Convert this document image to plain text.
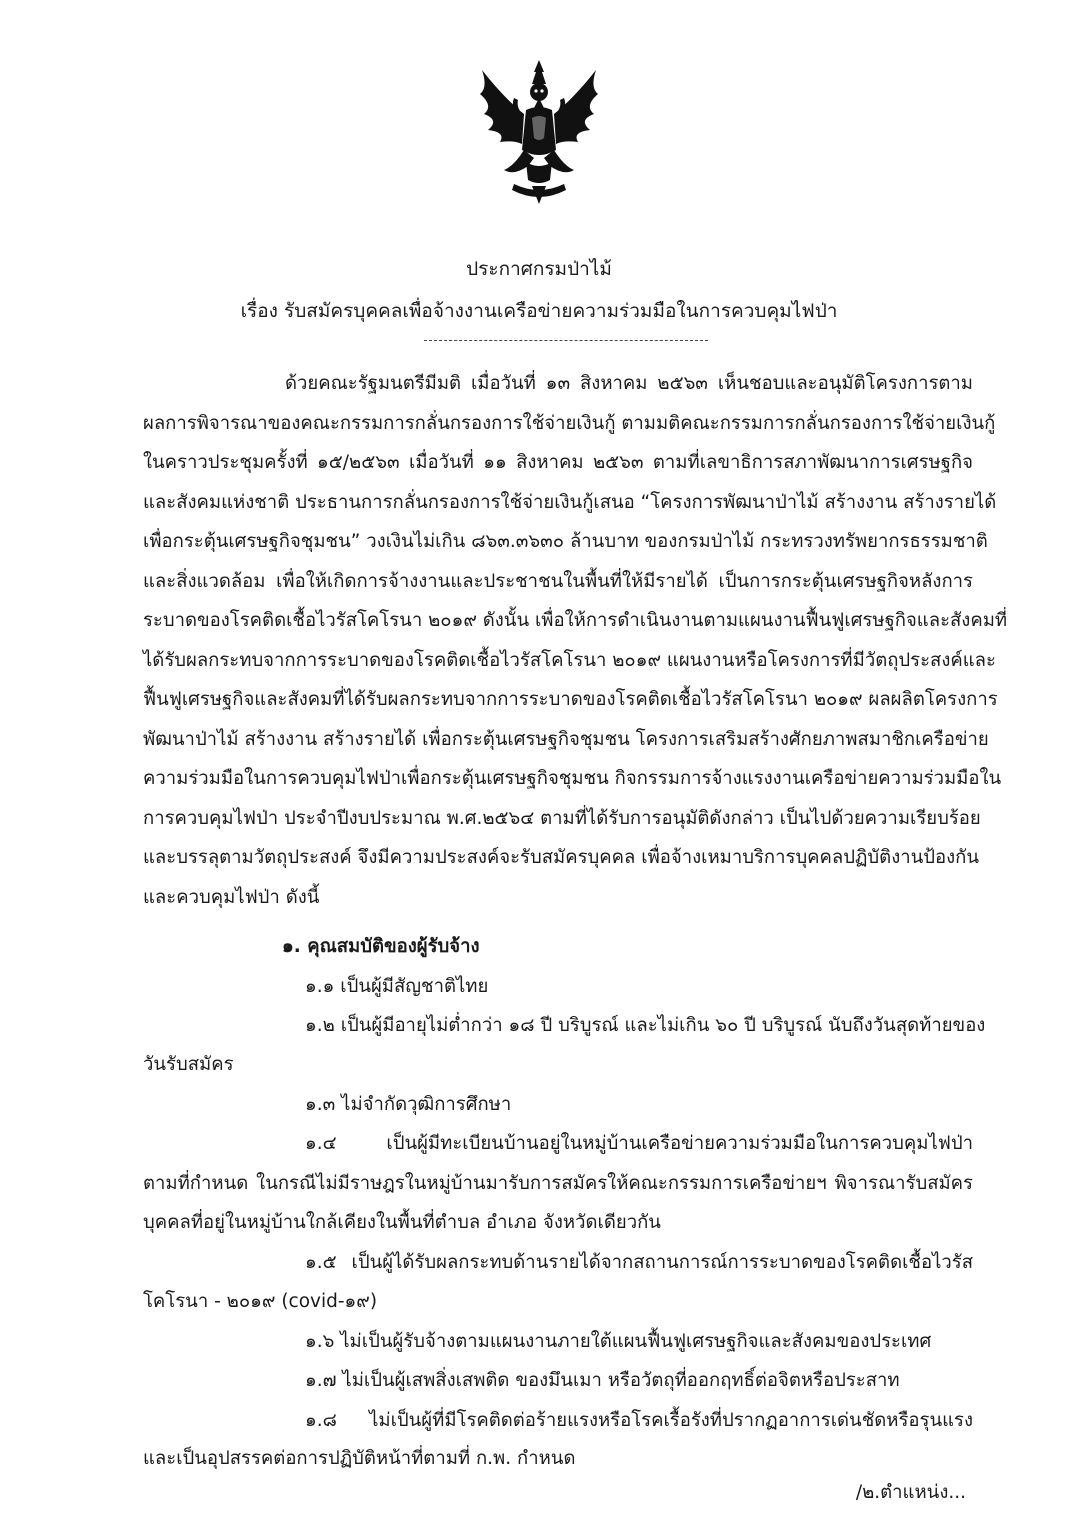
ประกาศกรมป่าไม้
เรื่อง รับสมัครบุคคลเพื่อจ้างงานเครือข่ายความร่วมมือในการควบคุมไฟป่า
ด้วยคณะรัฐมนตรีมีมติ เมื่อวันที่ ๑๓ สิงหาคม ๒๕๖๓ เห็นชอบและอนุมัติโครงการตาม
ผลการพิจารณาของคณะกรรมการกลั่นกรองการใช้จ่ายเงินกู้ ตามมติคณะกรรมการกลั่นกรองการใช้จ่ายเงินกู้
ในคราวประชุมครั้งที่ ๑๕/๒๕๖๓ เมื่อวันที่ ๑๑ สิงหาคม ๒๕๖๓ ตามที่เลขาธิการสภาพัฒนาการเศรษฐกิจ
และสังคมแห่งชาติ ประธานการกลั่นกรองการใช้จ่ายเงินกู้เสนอ “โครงการพัฒนาป่าไม้ สร้างงาน สร้างรายได้
เพื่อกระตุ้นเศรษฐกิจชุมชน” วงเงินไม่เกิน ๘๖๓.๓๖๓๐ ล้านบาท ของกรมป่าไม้ กระทรวงทรัพยากรธรรมชาติ
และสิ่งแวดล้อม เพื่อให้เกิดการจ้างงานและประชาชนในพื้นที่ให้มีรายได้ เป็นการกระตุ้นเศรษฐกิจหลังการ
ระบาดของโรคติดเชื้อไวรัสโคโรนา ๒๐๑๙ ดังนั้น เพื่อให้การดำเนินงานตามแผนงานฟื้นฟูเศรษฐกิจและสังคมที่
ได้รับผลกระทบจากการระบาดของโรคติดเชื้อไวรัสโคโรนา ๒๐๑๙ แผนงานหรือโครงการที่มีวัตถุประสงค์และ
ฟื้นฟูเศรษฐกิจและสังคมที่ได้รับผลกระทบจากการระบาดของโรคติดเชื้อไวรัสโคโรนา ๒๐๑๙ ผลผลิตโครงการ
พัฒนาป่าไม้ สร้างงาน สร้างรายได้ เพื่อกระตุ้นเศรษฐกิจชุมชน โครงการเสริมสร้างศักยภาพสมาชิกเครือข่าย
ความร่วมมือในการควบคุมไฟป่าเพื่อกระตุ้นเศรษฐกิจชุมชน กิจกรรมการจ้างแรงงานเครือข่ายความร่วมมือใน
การควบคุมไฟป่า ประจำปีงบประมาณ พ.ศ.๒๕๖๔ ตามที่ได้รับการอนุมัติดังกล่าว เป็นไปด้วยความเรียบร้อย
และบรรลุตามวัตถุประสงค์ จึงมีความประสงค์จะรับสมัครบุคคล เพื่อจ้างเหมาบริการบุคคลปฏิบัติงานป้องกัน
และควบคุมไฟป่า ดังนี้
๑. คุณสมบัติของผู้รับจ้าง
๑.๑ เป็นผู้มีสัญชาติไทย
๑.๒ เป็นผู้มีอายุไม่ต่ำกว่า ๑๘ ปี บริบูรณ์ และไม่เกิน ๖๐ ปี บริบูรณ์ นับถึงวันสุดท้ายของ
วันรับสมัคร
๑.๓ ไม่จำกัดวุฒิการศึกษา
๑.๔ เป็นผู้มีทะเบียนบ้านอยู่ในหมู่บ้านเครือข่ายความร่วมมือในการควบคุมไฟป่า
ตามที่กำหนด ในกรณีไม่มีราษฎรในหมู่บ้านมารับการสมัครให้คณะกรรมการเครือข่ายฯ พิจารณารับสมัคร
บุคคลที่อยู่ในหมู่บ้านใกล้เคียงในพื้นที่ตำบล อำเภอ จังหวัดเดียวกัน
๑.๕ เป็นผู้ได้รับผลกระทบด้านรายได้จากสถานการณ์การระบาดของโรคติดเชื้อไวรัส
โคโรนา - ๒๐๑๙ (covid-๑๙)
๑.๖ ไม่เป็นผู้รับจ้างตามแผนงานภายใต้แผนฟื้นฟูเศรษฐกิจและสังคมของประเทศ
๑.๗ ไม่เป็นผู้เสพสิ่งเสพติด ของมึนเมา หรือวัตถุที่ออกฤทธิ์ต่อจิตหรือประสาท
๑.๘ ไม่เป็นผู้ที่มีโรคติดต่อร้ายแรงหรือโรคเรื้อรังที่ปรากฏอาการเด่นชัดหรือรุนแรง
และเป็นอุปสรรคต่อการปฏิบัติหน้าที่ตามที่ ก.พ. กำหนด
/๒.ตำแหน่ง...
